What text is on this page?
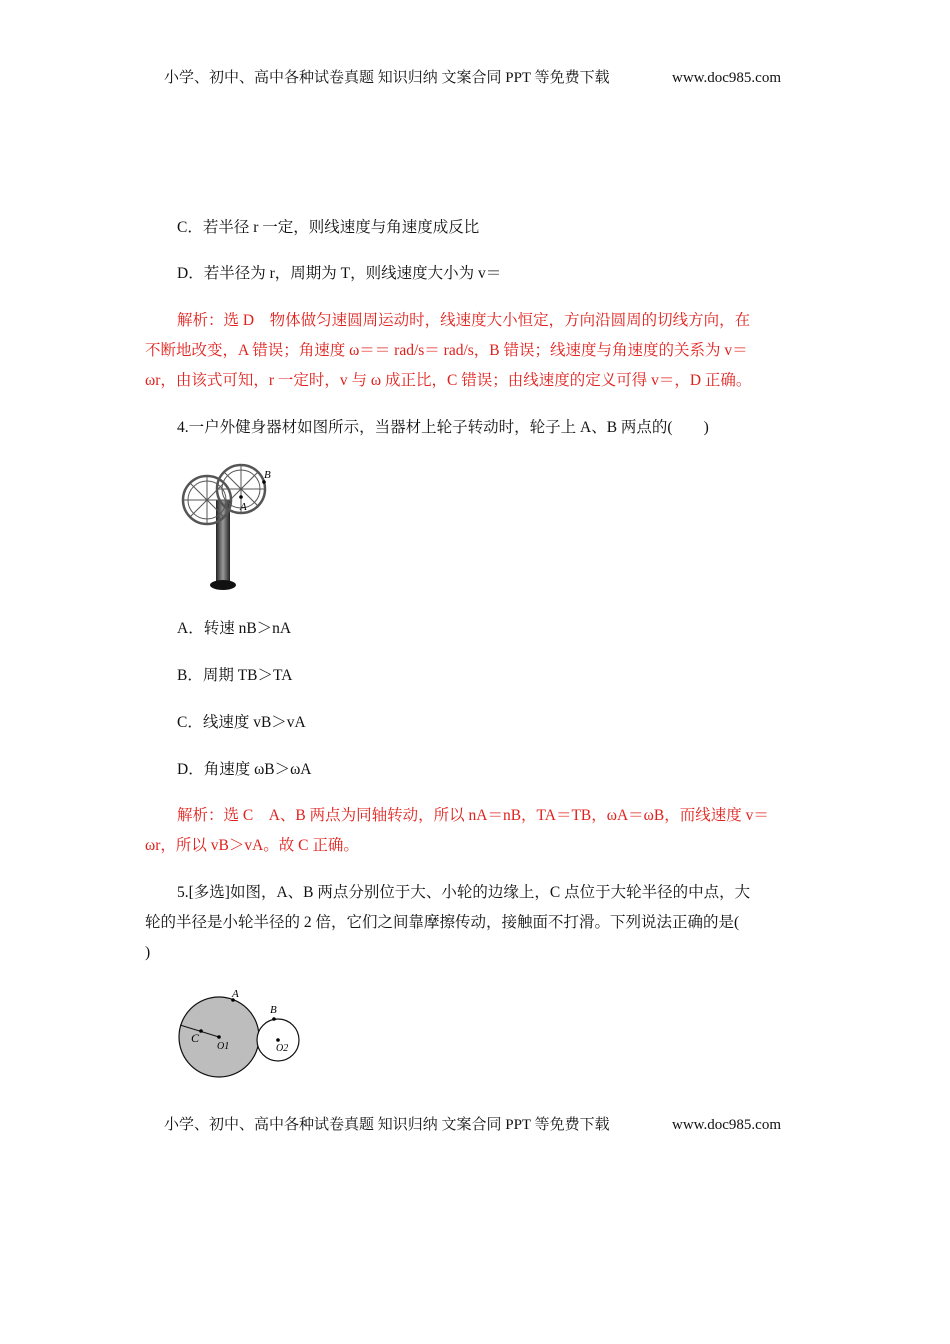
小学、初中、高中各种试卷真题 知识归纳 文案合同 PPT 等免费下载	www.doc985.com
C．若半径 r 一定，则线速度与角速度成反比
D．若半径为 r，周期为 T，则线速度大小为 v＝
解析：选 D　物体做匀速圆周运动时，线速度大小恒定，方向沿圆周的切线方向，在
不断地改变，A 错误；角速度 ω＝＝ rad/s＝ rad/s，B 错误；线速度与角速度的关系为 v＝
ωr，由该式可知，r 一定时，v 与 ω 成正比，C 错误；由线速度的定义可得 v＝，D 正确。
4.一户外健身器材如图所示，当器材上轮子转动时，轮子上 A、B 两点的(　　)
A
B
A．转速 nB＞nA
B．周期 TB＞TA
C．线速度 vB＞vA
D．角速度 ωB＞ωA
解析：选 C　A、B 两点为同轴转动，所以 nA＝nB，TA＝TB，ωA＝ωB，而线速度 v＝
ωr，所以 vB＞vA。故 C 正确。
5.[多选]如图，A、B 两点分别位于大、小轮的边缘上，C 点位于大轮半径的中点，大
轮的半径是小轮半径的 2 倍，它们之间靠摩擦传动，接触面不打滑。下列说法正确的是(
)
A
B
C
O1	O2
小学、初中、高中各种试卷真题 知识归纳 文案合同 PPT 等免费下载	www.doc985.com
